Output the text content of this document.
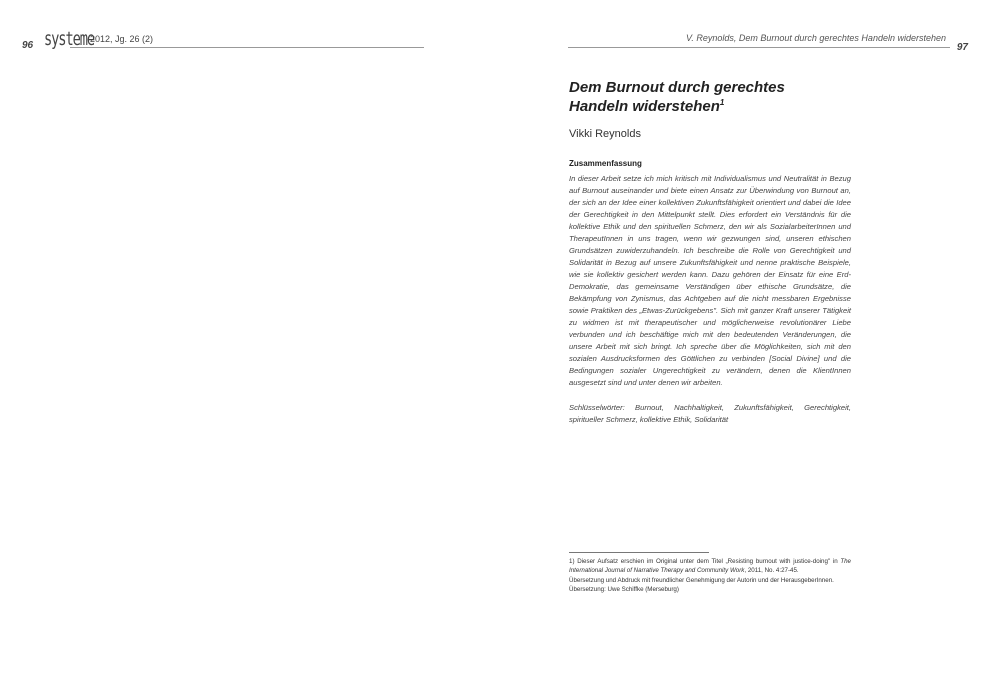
96 systeme
2012, Jg. 26 (2)	V. Reynolds, Dem Burnout durch gerechtes Handeln widerstehen
97
Dem Burnout durch gerechtes
Handeln widerstehen$^1$
Vikki Reynolds
Zusammenfassung

In dieser Arbeit setze ich mich kritisch mit Individualismus und Neutralität in Bezug auf Burnout auseinander und biete einen Ansatz zur Überwindung von Burnout an, der sich an der Idee einer kollektiven Zukunftsfähigkeit orientiert und dabei die Idee der Gerechtigkeit in den Mittelpunkt stellt. Dies erfordert ein Verständnis für die kollektive Ethik und den spirituellen Schmerz, den wir als SozialarbeiterInnen und TherapeutInnen in uns tragen, wenn wir gezwungen sind, unseren ethischen Grundsätzen zuwiderzuhandeln. Ich beschreibe die Rolle von Gerechtigkeit und Solidarität in Bezug auf unsere Zukunftsfähigkeit und nenne praktische Beispiele, wie sie kollektiv gesichert werden kann. Dazu gehören der Einsatz für eine Erd-Demokratie, das gemeinsame Verständigen über ethische Grundsätze, die Bekämpfung von Zynismus, das Achtgeben auf die nicht messbaren Ergebnisse sowie Praktiken des „Etwas-Zurückgebens". Sich mit ganzer Kraft unserer Tätigkeit zu widmen ist mit therapeutischer und möglicherweise revolutionärer Liebe verbunden und ich beschäftige mich mit den bedeutenden Veränderungen, die unsere Arbeit mit sich bringt. Ich spreche über die Möglichkeiten, sich mit den sozialen Ausdrucksformen des Göttlichen zu verbinden [Social Divine] und die Bedingungen sozialer Ungerechtigkeit zu verändern, denen die KlientInnen ausgesetzt sind und unter denen wir arbeiten.

Schlüsselwörter: Burnout, Nachhaltigkeit, Zukunftsfähigkeit, Gerechtigkeit, spiritueller Schmerz, kollektive Ethik, Solidarität

1) Dieser Aufsatz erschien im Original unter dem Titel „Resisting burnout with justice-doing" in The International Journal of Narrative Therapy and Community Work, 2011, No. 4:27-45.

Übersetzung und Abdruck mit freundlicher Genehmigung der Autorin und der HerausgeberInnen.

Übersetzung: Uwe Schiffke (Merseburg)
